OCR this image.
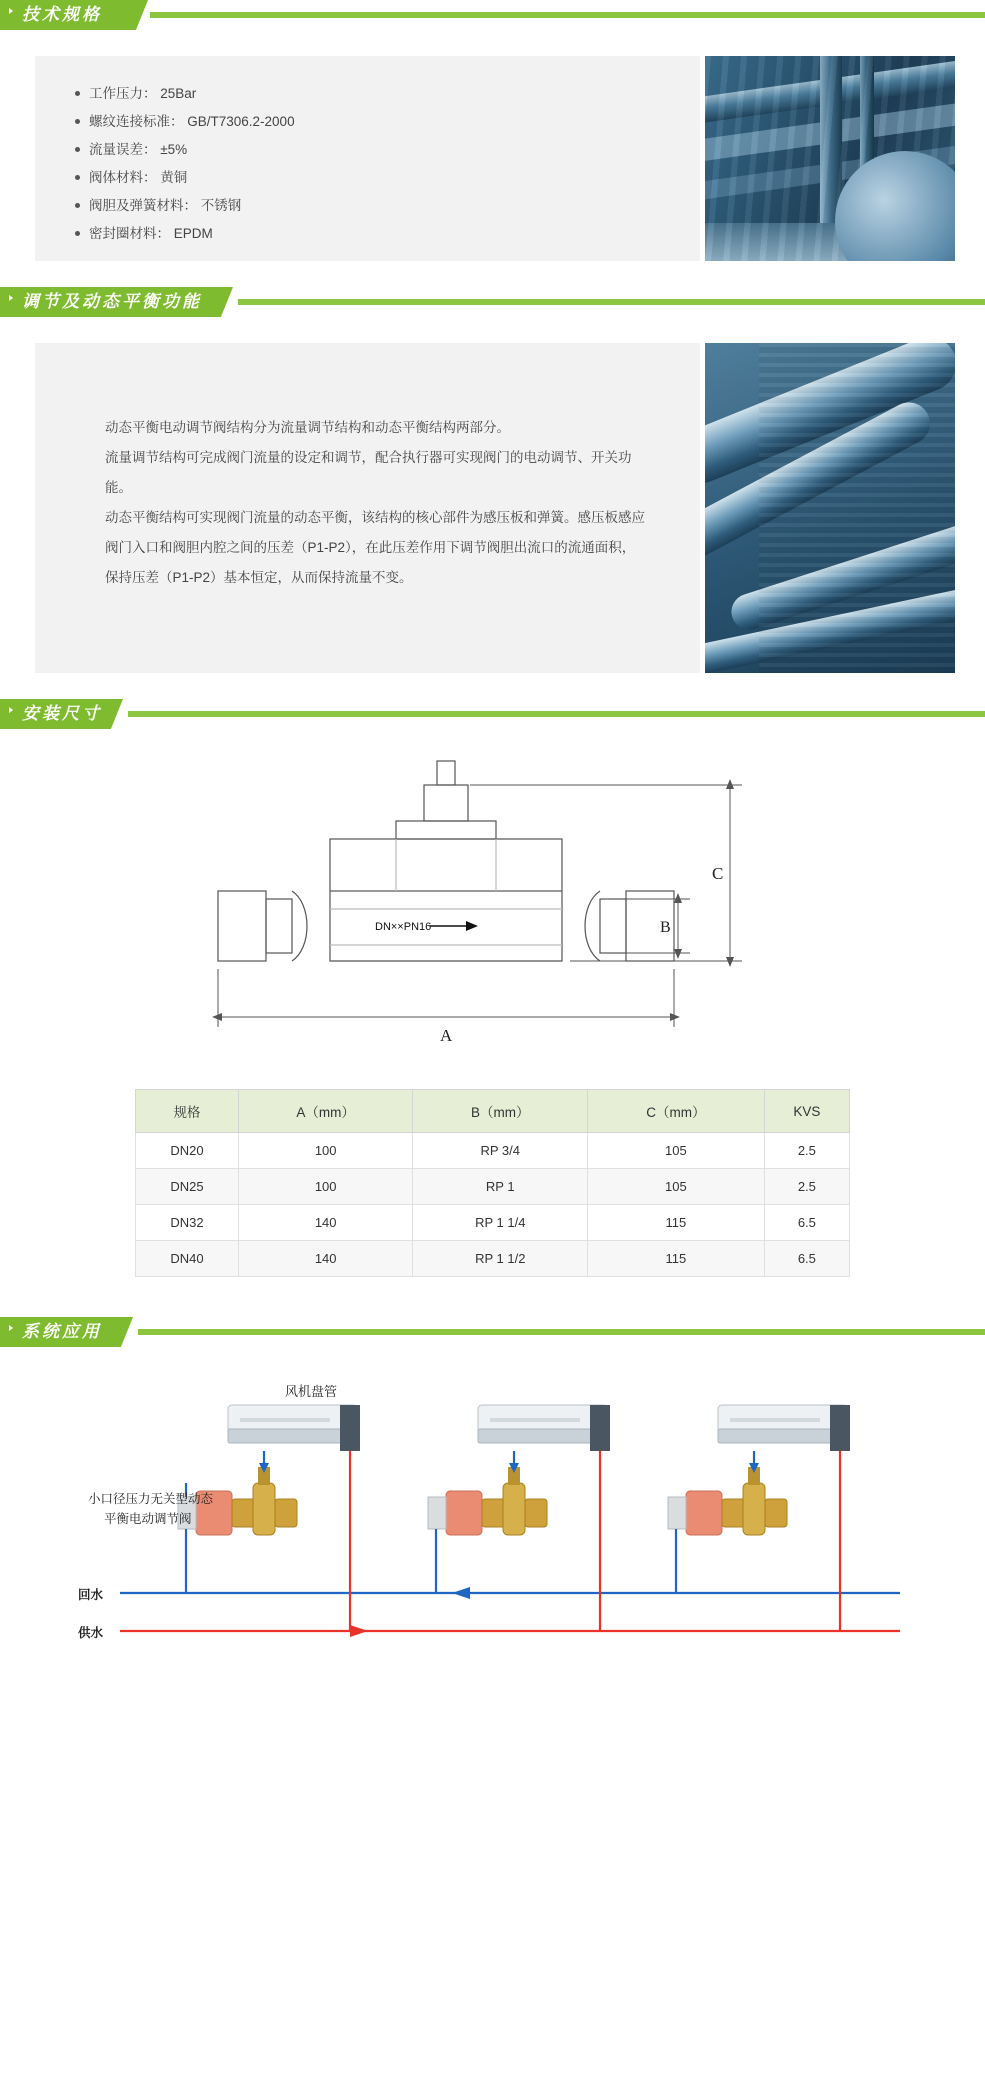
技术规格
工作压力： 25Bar
螺纹连接标准： GB/T7306.2-2000
流量误差： ±5%
阀体材料： 黄铜
阀胆及弹簧材料： 不锈钢
密封圈材料： EPDM
调节及动态平衡功能
动态平衡电动调节阀结构分为流量调节结构和动态平衡结构两部分。
流量调节结构可完成阀门流量的设定和调节，配合执行器可实现阀门的电动调节、开关功能。
动态平衡结构可实现阀门流量的动态平衡，该结构的核心部件为感压板和弹簧。感压板感应阀门入口和阀胆内腔之间的压差（P1-P2），在此压差作用下调节阀胆出流口的流通面积，保持压差（P1-P2）基本恒定，从而保持流量不变。
安装尺寸
DN××PN16
A
C
B
规格	A（mm）	B（mm）	C（mm）	KVS
DN20	100	RP 3/4	105	2.5
DN25	100	RP 1	105	2.5
DN32	140	RP 1 1/4	115	6.5
DN40	140	RP 1 1/2	115	6.5
系统应用
风机盘管
小口径压力无关型动态
平衡电动调节阀
回水
供水
